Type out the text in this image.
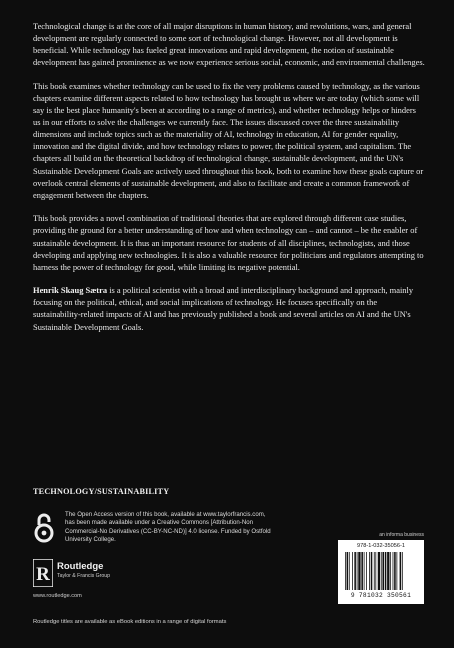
Technological change is at the core of all major disruptions in human history, and revolutions, wars, and general development are regularly connected to some sort of technological change. However, not all development is beneficial. While technology has fueled great innovations and rapid development, the notion of sustainable development has gained prominence as we now experience serious social, economic, and environmental challenges.

This book examines whether technology can be used to fix the very problems caused by technology, as the various chapters examine different aspects related to how technology has brought us where we are today (which some will say is the best place humanity's been at according to a range of metrics), and whether technology helps or hinders us in our efforts to solve the challenges we currently face. The issues discussed cover the three sustainability dimensions and include topics such as the materiality of AI, technology in education, AI for gender equality, innovation and the digital divide, and how technology relates to power, the political system, and capitalism. The chapters all build on the theoretical backdrop of technological change, sustainable development, and the UN's Sustainable Development Goals are actively used throughout this book, both to examine how these goals capture or overlook central elements of sustainable development, and also to facilitate and create a common framework of engagement between the chapters.

This book provides a novel combination of traditional theories that are explored through different case studies, providing the ground for a better understanding of how and when technology can – and cannot – be the enabler of sustainable development. It is thus an important resource for students of all disciplines, technologists, and those developing and applying new technologies. It is also a valuable resource for politicians and regulators attempting to harness the power of technology for good, while limiting its negative potential.

Henrik Skaug Sætra is a political scientist with a broad and interdisciplinary background and approach, mainly focusing on the political, ethical, and social implications of technology. He focuses specifically on the sustainability-related impacts of AI and has previously published a book and several articles on AI and the UN's Sustainable Development Goals.

TECHNOLOGY/SUSTAINABILITY
The Open Access version of this book, available at www.taylorfrancis.com, has been made available under a Creative Commons [Attribution-Non Commercial-No Derivatives (CC-BY-NC-ND)] 4.0 license. Funded by Ostfold University College.
R Routledge
Taylor & Francis Group
www.routledge.com
an informa business
978-1-032-35056-1
9 781032 350561
Routledge titles are available as eBook editions in a range of digital formats
